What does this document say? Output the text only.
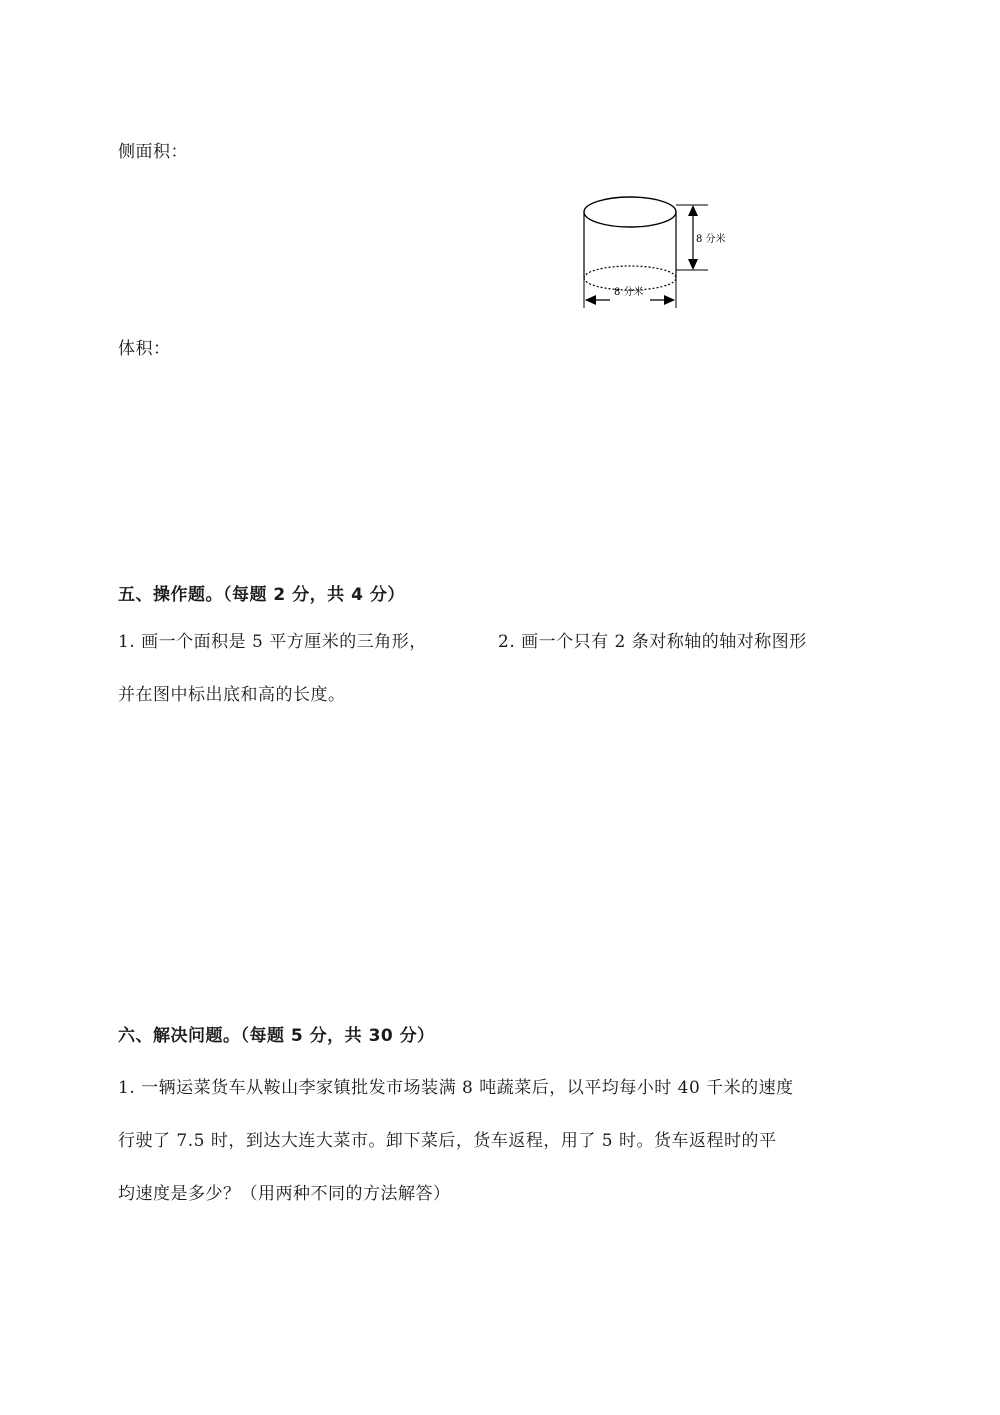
侧面积：
8 分米
8 分米
体积：
五、操作题。（每题 2 分，共 4 分）
1. 画一个面积是 5 平方厘米的三角形，	2. 画一个只有 2 条对称轴的轴对称图形
并在图中标出底和高的长度。
六、解决问题。（每题 5 分，共 30 分）
1. 一辆运菜货车从鞍山李家镇批发市场装满 8 吨蔬菜后，以平均每小时 40 千米的速度
行驶了 7.5 时，到达大连大菜市。卸下菜后，货车返程，用了 5 时。货车返程时的平
均速度是多少？（用两种不同的方法解答）
